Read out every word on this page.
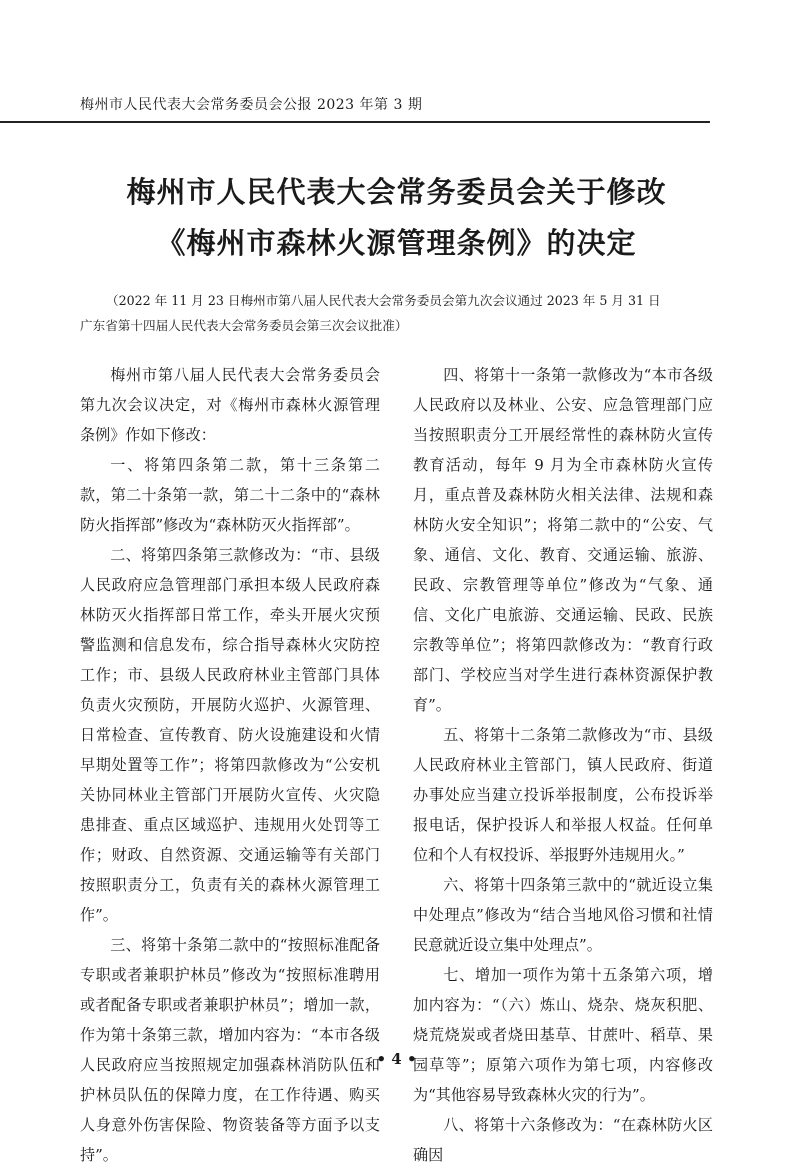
梅州市人民代表大会常务委员会公报 2023 年第 3 期
梅州市人民代表大会常务委员会关于修改
《梅州市森林火源管理条例》的决定
（2022 年 11 月 23 日梅州市第八届人民代表大会常务委员会第九次会议通过 2023 年 5 月 31 日
广东省第十四届人民代表大会常务委员会第三次会议批准）

梅州市第八届人民代表大会常务委员会第九次会议决定，对《梅州市森林火源管理条例》作如下修改：

一、将第四条第二款，第十三条第二款，第二十条第一款，第二十二条中的“森林防火指挥部”修改为“森林防灭火指挥部”。

二、将第四条第三款修改为：“市、县级人民政府应急管理部门承担本级人民政府森林防灭火指挥部日常工作，牵头开展火灾预警监测和信息发布，综合指导森林火灾防控工作；市、县级人民政府林业主管部门具体负责火灾预防，开展防火巡护、火源管理、日常检查、宣传教育、防火设施建设和火情早期处置等工作”；将第四款修改为“公安机关协同林业主管部门开展防火宣传、火灾隐患排查、重点区域巡护、违规用火处罚等工作；财政、自然资源、交通运输等有关部门按照职责分工，负责有关的森林火源管理工作”。

三、将第十条第二款中的“按照标准配备专职或者兼职护林员”修改为“按照标准聘用或者配备专职或者兼职护林员”；增加一款，作为第十条第三款，增加内容为：“本市各级人民政府应当按照规定加强森林消防队伍和护林员队伍的保障力度，在工作待遇、购买人身意外伤害保险、物资装备等方面予以支持”。

四、将第十一条第一款修改为“本市各级人民政府以及林业、公安、应急管理部门应当按照职责分工开展经常性的森林防火宣传教育活动，每年 9 月为全市森林防火宣传月，重点普及森林防火相关法律、法规和森林防火安全知识”；将第二款中的“公安、气象、通信、文化、教育、交通运输、旅游、民政、宗教管理等单位”修改为“气象、通信、文化广电旅游、交通运输、民政、民族宗教等单位”；将第四款修改为：“教育行政部门、学校应当对学生进行森林资源保护教育”。

五、将第十二条第二款修改为“市、县级人民政府林业主管部门，镇人民政府、街道办事处应当建立投诉举报制度，公布投诉举报电话，保护投诉人和举报人权益。任何单位和个人有权投诉、举报野外违规用火。”

六、将第十四条第三款中的“就近设立集中处理点”修改为“结合当地风俗习惯和社情民意就近设立集中处理点”。

七、增加一项作为第十五条第六项，增加内容为：“（六）炼山、烧杂、烧灰积肥、烧荒烧炭或者烧田基草、甘蔗叶、稻草、果园草等”；原第六项作为第七项，内容修改为“其他容易导致森林火灾的行为”。

八、将第十六条修改为：“在森林防火区确因

• 4 •
